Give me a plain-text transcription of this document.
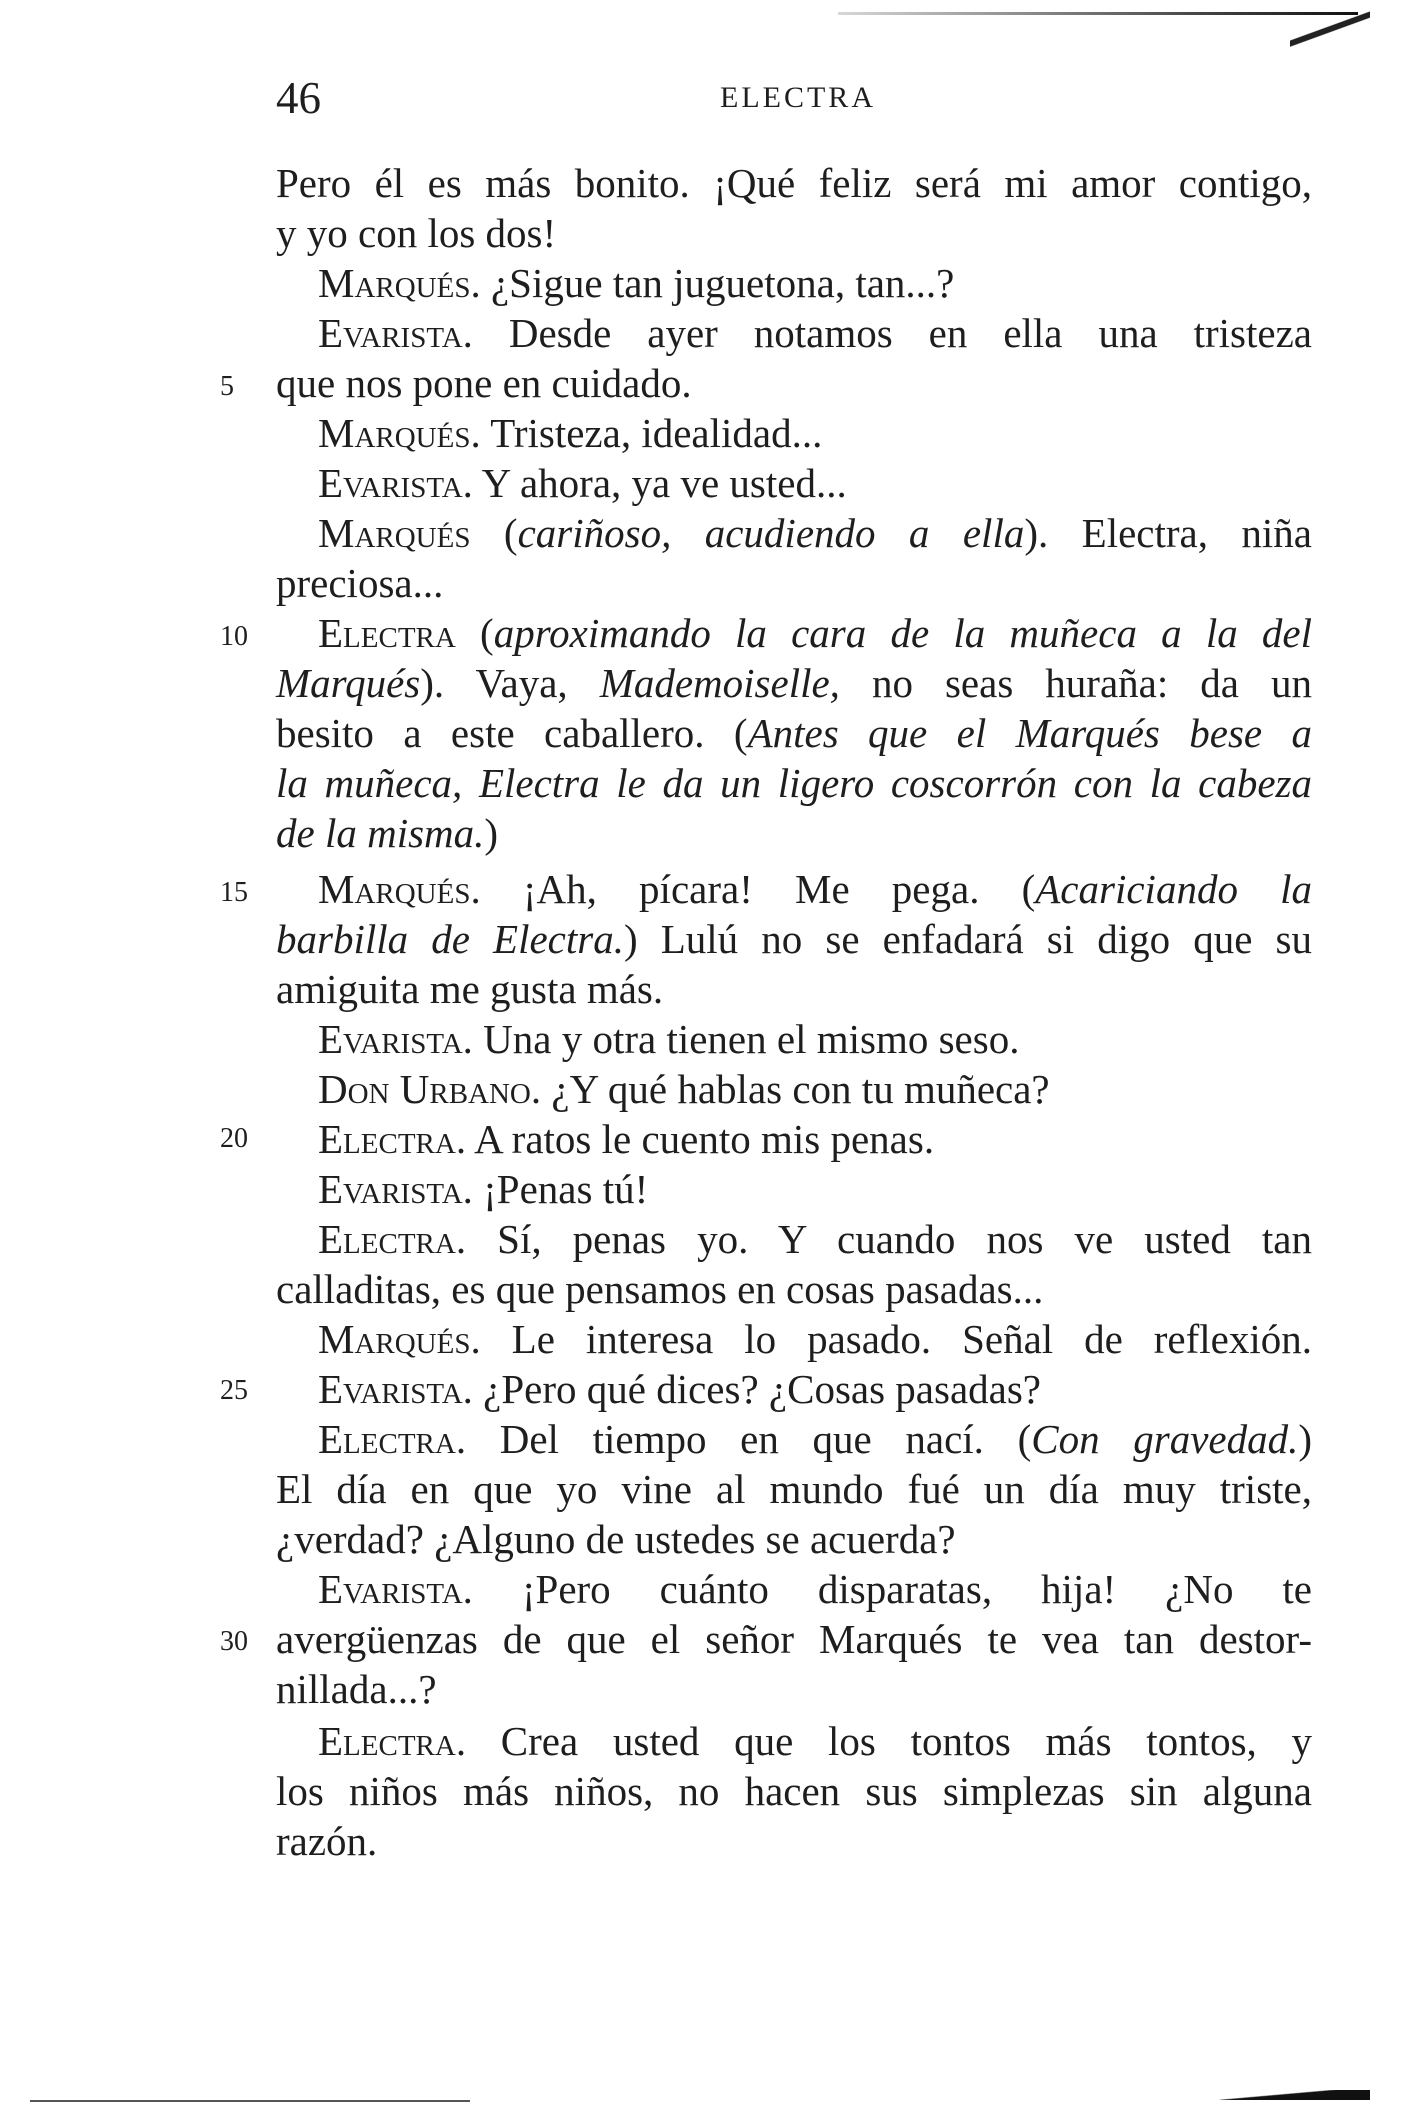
46	ELECTRA
5
10
15
20
25
30
Pero él es más bonito. ¡Qué feliz será mi amor contigo,
y yo con los dos!
Marqués. ¿Sigue tan juguetona, tan...?
Evarista. Desde ayer notamos en ella una tristeza
que nos pone en cuidado.
Marqués. Tristeza, idealidad...
Evarista. Y ahora, ya ve usted...
Marqués (cariñoso, acudiendo a ella). Electra, niña
preciosa...
Electra (aproximando la cara de la muñeca a la del
Marqués). Vaya, Mademoiselle, no seas huraña: da un
besito a este caballero. (Antes que el Marqués bese a
la muñeca, Electra le da un ligero coscorrón con la cabeza
de la misma.)
Marqués. ¡Ah, pícara! Me pega. (Acariciando la
barbilla de Electra.) Lulú no se enfadará si digo que su
amiguita me gusta más.
Evarista. Una y otra tienen el mismo seso.
Don Urbano. ¿Y qué hablas con tu muñeca?
Electra. A ratos le cuento mis penas.
Evarista. ¡Penas tú!
Electra. Sí, penas yo. Y cuando nos ve usted tan
calladitas, es que pensamos en cosas pasadas...
Marqués. Le interesa lo pasado. Señal de reflexión.
Evarista. ¿Pero qué dices? ¿Cosas pasadas?
Electra. Del tiempo en que nací. (Con gravedad.)
El día en que yo vine al mundo fué un día muy triste,
¿verdad? ¿Alguno de ustedes se acuerda?
Evarista. ¡Pero cuánto disparatas, hija! ¿No te
avergüenzas de que el señor Marqués te vea tan destor-
nillada...?
Electra. Crea usted que los tontos más tontos, y
los niños más niños, no hacen sus simplezas sin alguna
razón.
